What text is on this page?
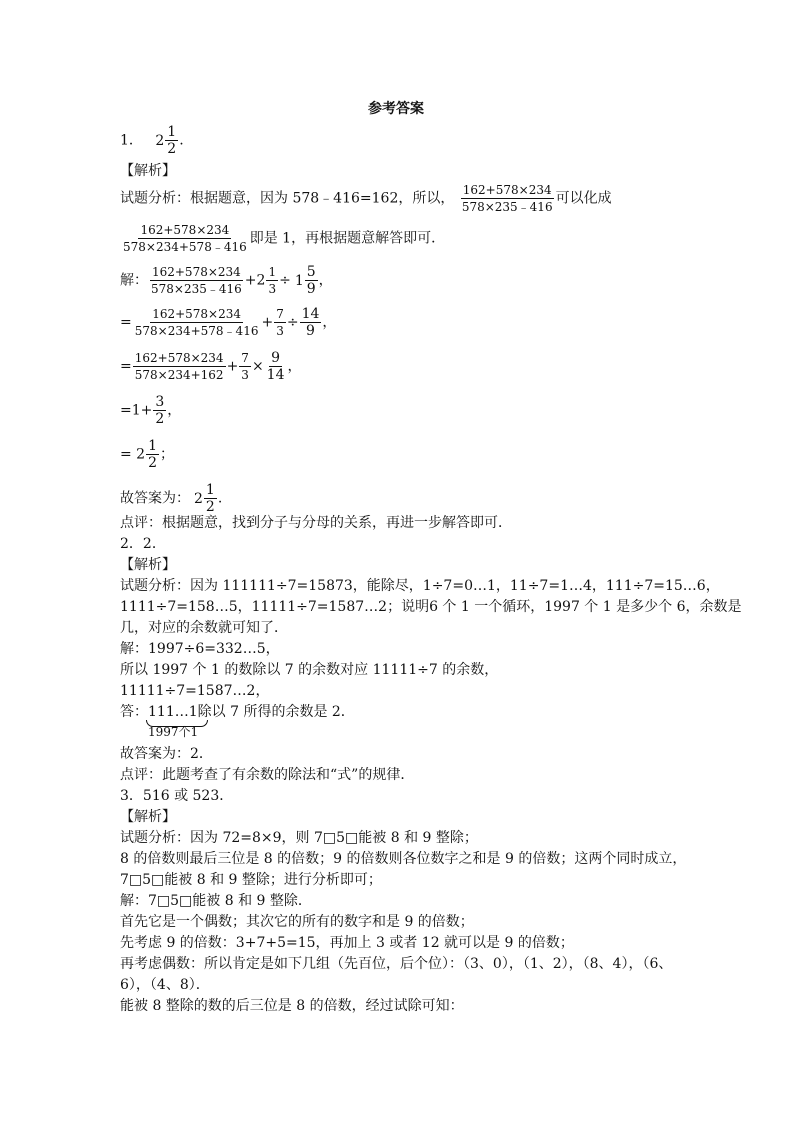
参考答案
1． $2 \frac{1}{2}$ .
【解析】
试题分析：根据题意，因为 578﹣416=162，所以， $\frac{162+578\times 234}{578\times 235﹣416}$ 可以化成
$\frac{162+578\times 234}{578\times 234+578﹣416}$ 即是 1，再根据题意解答即可．
解： $\frac{162+578\times 234}{578\times 235﹣416} +2 \frac{1}{3} \div 1 \frac{5}{9}$ ，
= $\frac{162+578\times 234}{578\times 234+578﹣416} + \frac{7}{3} \div \frac{14}{9}$ ，
= $\frac{162+578\times 234}{578\times 234+162} + \frac{7}{3} \times \frac{9}{14}$ ，
$=1+ \frac{3}{2}$ ，
= $2 \frac{1}{2}$ ；
故答案为： $2 \frac{1}{2}$ .
点评：根据题意，找到分子与分母的关系，再进一步解答即可．
2．2．
【解析】
试题分析：因为 111111÷7=15873，能除尽，1÷7=0…1，11÷7=1…4，111÷7=15…6，
1111÷7=158…5，11111÷7=1587…2；说明6 个 1 一个循环，1997 个 1 是多少个 6，余数是
几，对应的余数就可知了．
解：1997÷6=332…5，
所以 1997 个 1 的数除以 7 的余数对应 11111÷7 的余数，
11111÷7=1587…2，
答：111…1
1997个1
除以 7 所得的余数是 2．
故答案为：2．
点评：此题考查了有余数的除法和“式”的规律．
3．516 或 523．
【解析】
试题分析：因为 72=8×9，则 7□5□能被 8 和 9 整除；
8 的倍数则最后三位是 8 的倍数；9 的倍数则各位数字之和是 9 的倍数；这两个同时成立，
7□5□能被 8 和 9 整除；进行分析即可；
解：7□5□能被 8 和 9 整除．
首先它是一个偶数；其次它的所有的数字和是 9 的倍数；
先考虑 9 的倍数：3+7+5=15，再加上 3 或者 12 就可以是 9 的倍数；
再考虑偶数：所以肯定是如下几组（先百位，后个位）：（3、0），（1、2），（8、4），（6、
6），（4、8）．
能被 8 整除的数的后三位是 8 的倍数，经过试除可知：
